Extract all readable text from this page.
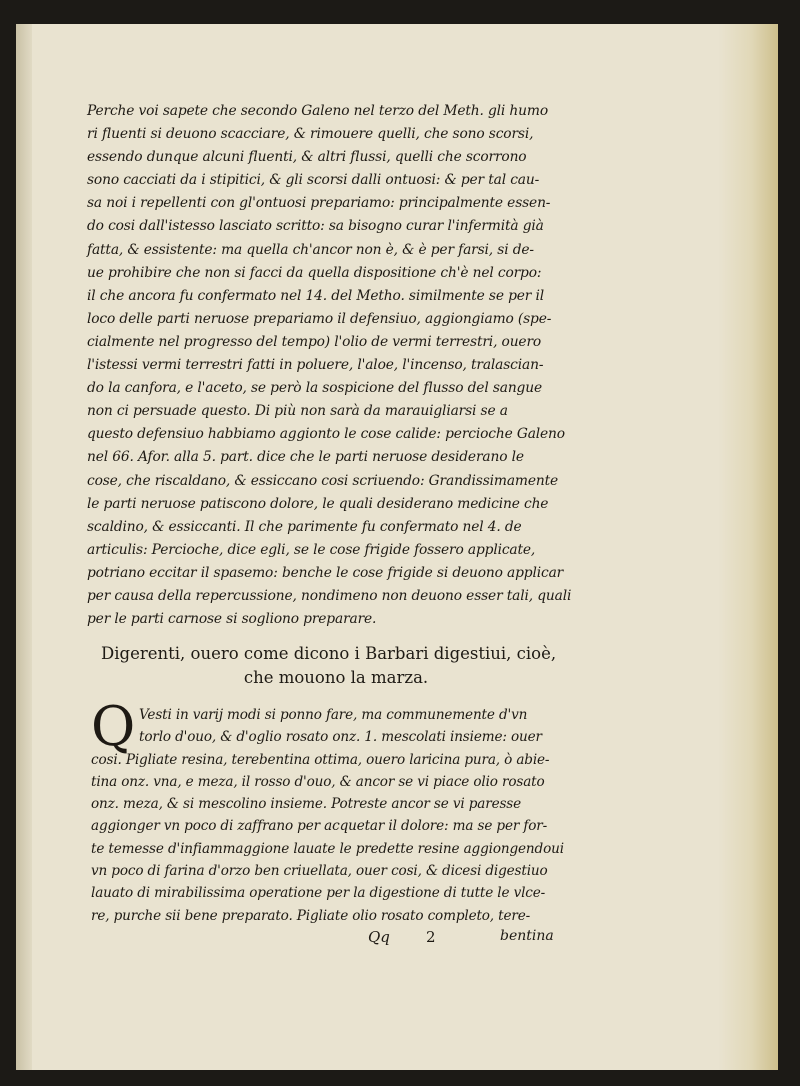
Perche voi sapete che secondo Galeno nel terzo del Meth. gli humo
ri fluenti si deuono scacciare, & rimouere quelli, che sono scorsi,
essendo dunque alcuni fluenti, & altri flussi, quelli che scorrono
sono cacciati da i stipitici, & gli scorsi dalli ontuosi: & per tal cau-
sa noi i repellenti con gl'ontuosi prepariamo: principalmente essen-
do cosi dall'istesso lasciato scritto: sa bisogno curar l'infermità già
fatta, & essistente: ma quella ch'ancor non è, & è per farsi, si de-
ue prohibire che non si facci da quella dispositione ch'è nel corpo:
il che ancora fu confermato nel 14. del Metho. similmente se per il
loco delle parti neruose prepariamo il defensiuo, aggiongiamo (spe-
cialmente nel progresso del tempo) l'olio de vermi terrestri, ouero
l'istessi vermi terrestri fatti in poluere, l'aloe, l'incenso, tralascian-
do la canfora, e l'aceto, se però la sospicione del flusso del sangue
non ci persuade questo. Di più non sarà da marauigliarsi se a
questo defensiuo habbiamo aggionto le cose calide: percioche Galeno
nel 66. Afor. alla 5. part. dice che le parti neruose desiderano le
cose, che riscaldano, & essiccano cosi scriuendo: Grandissimamente
le parti neruose patiscono dolore, le quali desiderano medicine che
scaldino, & essiccanti. Il che parimente fu confermato nel 4. de
articulis: Percioche, dice egli, se le cose frigide fossero applicate,
potriano eccitar il spasemo: benche le cose frigide si deuono applicar
per causa della repercussione, nondimeno non deuono esser tali, quali
per le parti carnose si sogliono preparare.
Digerenti, ouero come dicono i Barbari digestiui, cioè,
che mouono la marza.
Q Vesti in varij modi si ponno fare, ma communemente d'vn
torlo d'ouo, & d'oglio rosato onz. 1. mescolati insieme: ouer
cosi. Pigliate resina, terebentina ottima, ouero laricina pura, ò abie-
tina onz. vna, e meza, il rosso d'ouo, & ancor se vi piace olio rosato
onz. meza, & si mescolino insieme. Potreste ancor se vi paresse
aggionger vn poco di zaffrano per acquetar il dolore: ma se per for-
te temesse d'infiammaggione lauate le predette resine aggiongendoui
vn poco di farina d'orzo ben criuellata, ouer cosi, & dicesi digestiuo
lauato di mirabilissima operatione per la digestione di tutte le vlce-
re, purche sii bene preparato. Pigliate olio rosato completo, tere-
Qq 2	bentina
